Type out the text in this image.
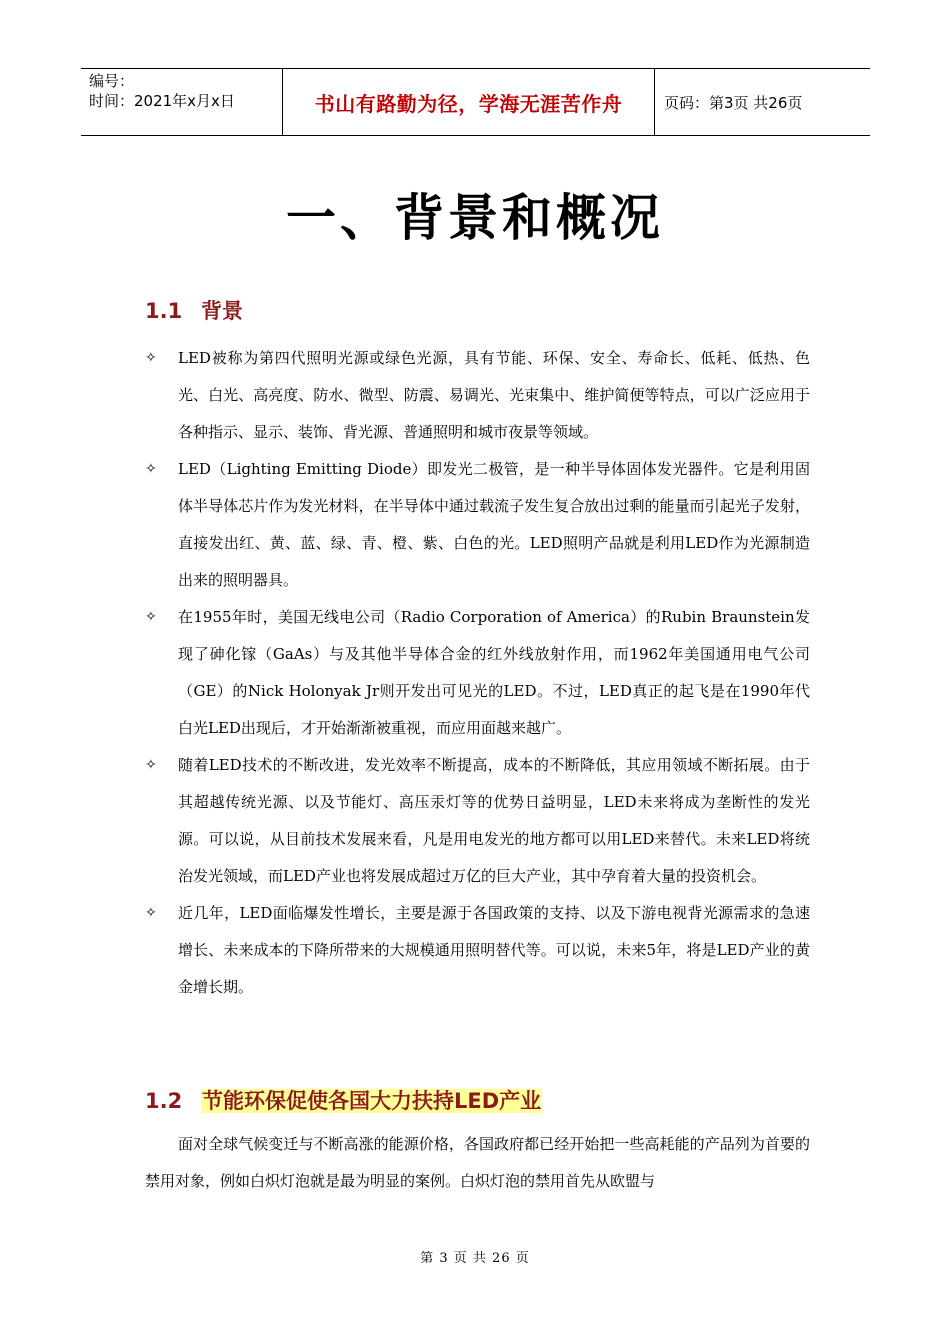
编号：
时间：2021年x月x日	书山有路勤为径，学海无涯苦作舟	页码：第3页 共26页
一、背景和概况
1.1 背景
✧	LED被称为第四代照明光源或绿色光源，具有节能、环保、安全、寿命长、低耗、低热、色光、白光、高亮度、防水、微型、防震、易调光、光束集中、维护简便等特点，可以广泛应用于各种指示、显示、装饰、背光源、普通照明和城市夜景等领域。
✧	LED（Lighting Emitting Diode）即发光二极管，是一种半导体固体发光器件。它是利用固体半导体芯片作为发光材料，在半导体中通过载流子发生复合放出过剩的能量而引起光子发射，直接发出红、黄、蓝、绿、青、橙、紫、白色的光。LED照明产品就是利用LED作为光源制造出来的照明器具。
✧	在1955年时，美国无线电公司（Radio Corporation of America）的Rubin Braunstein发现了砷化镓（GaAs）与及其他半导体合金的红外线放射作用，而1962年美国通用电气公司（GE）的Nick Holonyak Jr则开发出可见光的LED。不过，LED真正的起飞是在1990年代白光LED出现后，才开始渐渐被重视，而应用面越来越广。
✧	随着LED技术的不断改进，发光效率不断提高，成本的不断降低，其应用领域不断拓展。由于其超越传统光源、以及节能灯、高压汞灯等的优势日益明显，LED未来将成为垄断性的发光源。可以说，从目前技术发展来看，凡是用电发光的地方都可以用LED来替代。未来LED将统治发光领域，而LED产业也将发展成超过万亿的巨大产业，其中孕育着大量的投资机会。
✧	近几年，LED面临爆发性增长，主要是源于各国政策的支持、以及下游电视背光源需求的急速增长、未来成本的下降所带来的大规模通用照明替代等。可以说，未来5年，将是LED产业的黄金增长期。
1.2 节能环保促使各国大力扶持LED产业
面对全球气候变迁与不断高涨的能源价格，各国政府都已经开始把一些高耗能的产品列为首要的禁用对象，例如白炽灯泡就是最为明显的案例。白炽灯泡的禁用首先从欧盟与
第 3 页 共 26 页
